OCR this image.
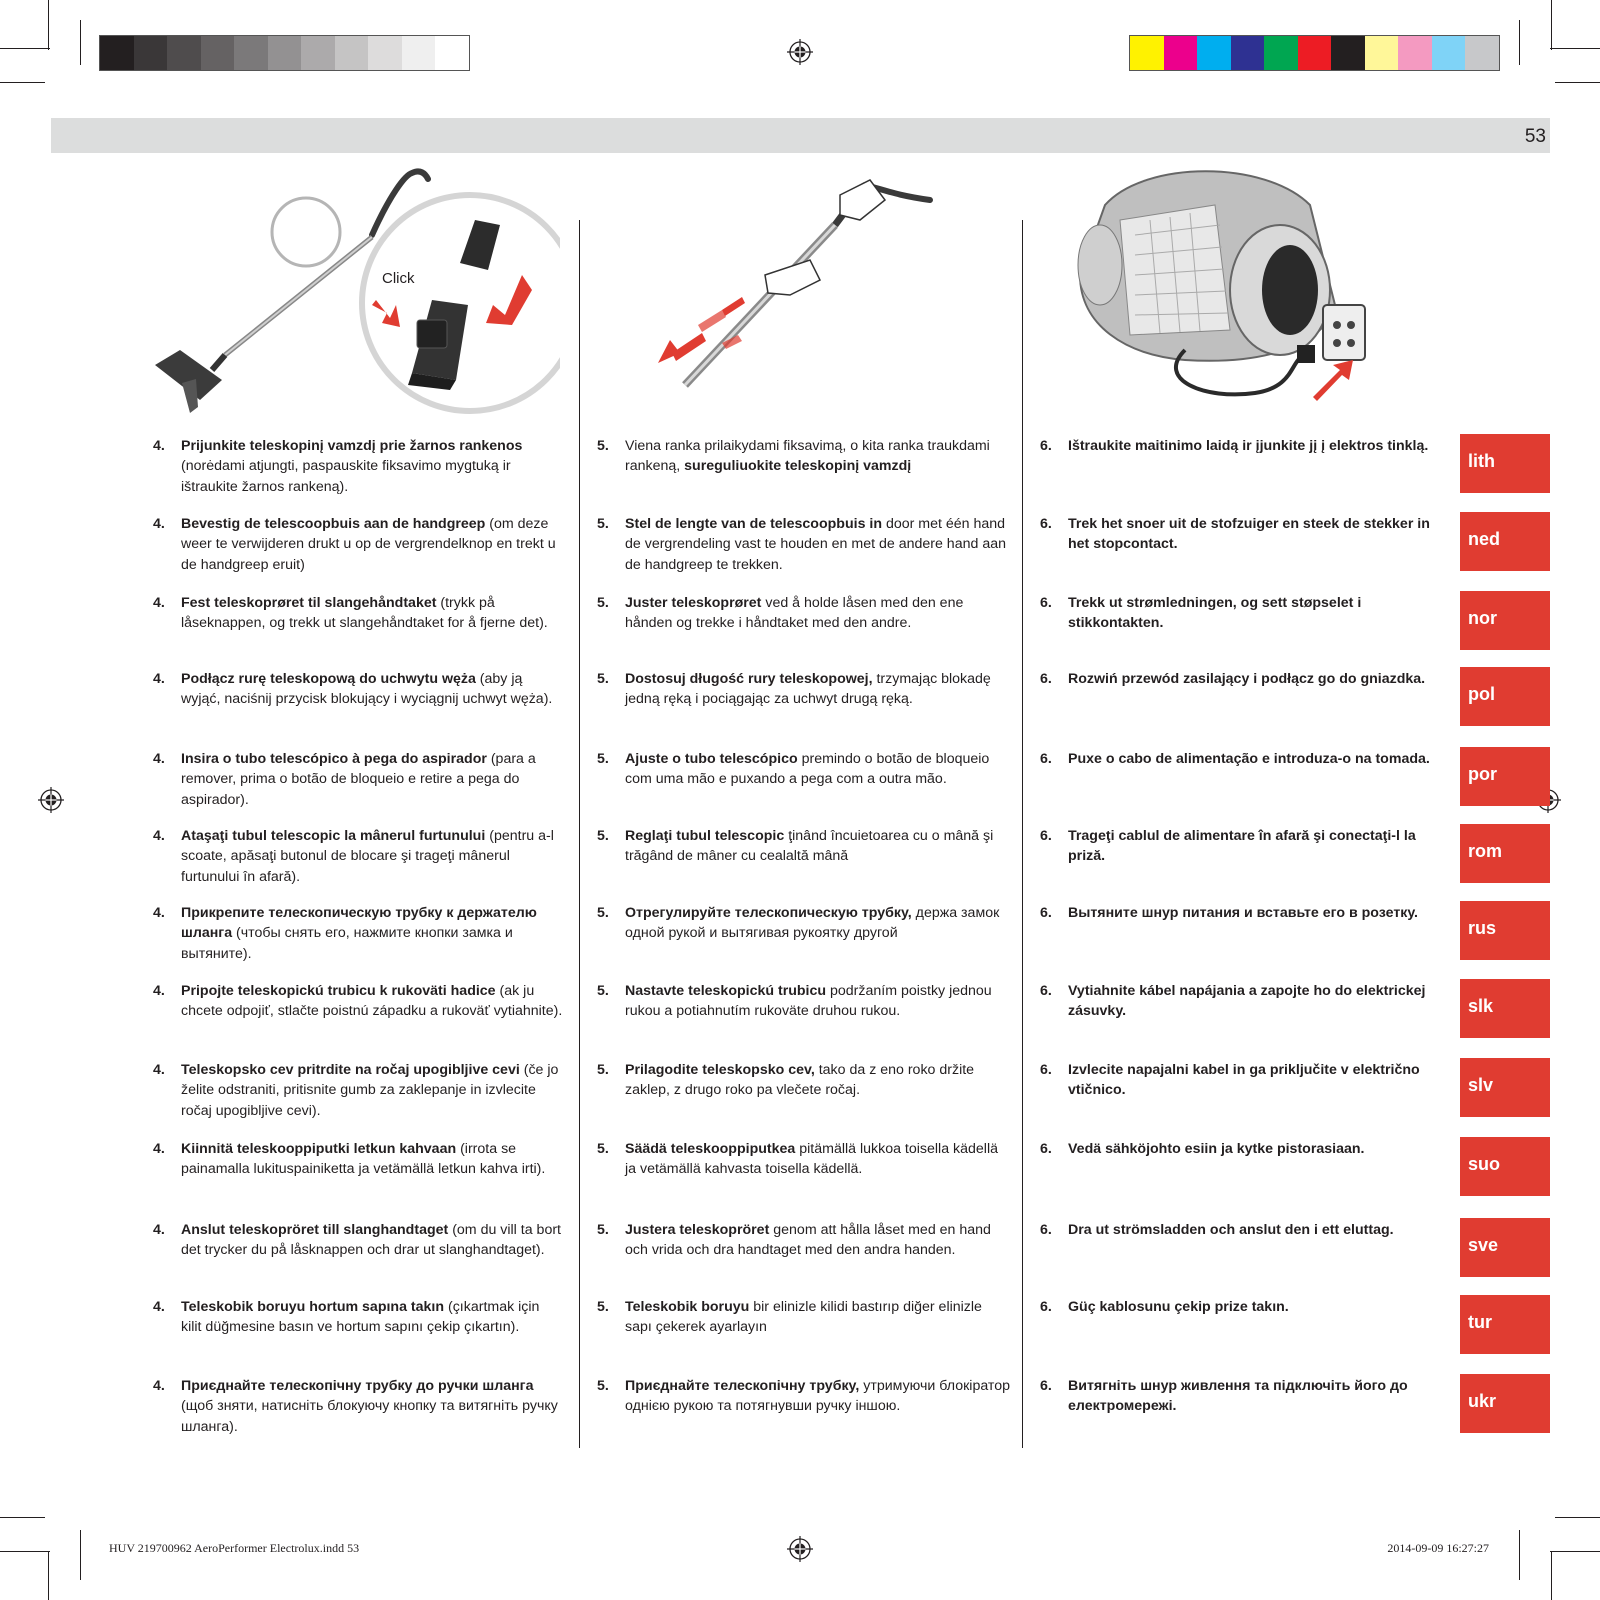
53
Click
4. Prijunkite teleskopinį vamzdį prie žarnos rankenos (norėdami atjungti, paspauskite fiksavimo mygtuką ir ištraukite žarnos rankeną).
5. Viena ranka prilaikydami fiksavimą, o kita ranka traukdami rankeną, sureguliuokite teleskopinį vamzdį
6. Ištraukite maitinimo laidą ir įjunkite jį į elektros tinklą.
lith
4. Bevestig de telescoopbuis aan de handgreep (om deze weer te verwijderen drukt u op de vergrendelknop en trekt u de handgreep eruit)
5. Stel de lengte van de telescoopbuis in door met één hand de vergrendeling vast te houden en met de andere hand aan de handgreep te trekken.
6. Trek het snoer uit de stofzuiger en steek de stekker in het stopcontact.	ned
4. Fest teleskoprøret til slangehåndtaket (trykk på låseknappen, og trekk ut slangehåndtaket for å fjerne det).
5. Juster teleskoprøret ved å holde låsen med den ene hånden og trekke i håndtaket med den andre.
6. Trekk ut strømledningen, og sett støpselet i stikkontakten.	nor
4. Podłącz rurę teleskopową do uchwytu węża (aby ją wyjąć, naciśnij przycisk blokujący i wyciągnij uchwyt węża).
5. Dostosuj długość rury teleskopowej, trzymając blokadę jedną ręką i pociągając za uchwyt drugą ręką.
6. Rozwiń przewód zasilający i podłącz go do gniazdka.
pol
4. Insira o tubo telescópico à pega do aspirador (para a remover, prima o botão de bloqueio e retire a pega do aspirador).
5. Ajuste o tubo telescópico premindo o botão de bloqueio com uma mão e puxando a pega com a outra mão.
6. Puxe o cabo de alimentação e introduza-o na tomada.
por
4. Ataşaţi tubul telescopic la mânerul furtunului (pentru a-l scoate, apăsaţi butonul de blocare şi trageţi mânerul furtunului în afară).
5. Reglaţi tubul telescopic ţinând încuietoarea cu o mână şi trăgând de mâner cu cealaltă mână
6. Trageţi cablul de alimentare în afară şi conectaţi-l la priză.	rom
4. Прикрепите телескопическую трубку к держателю шланга (чтобы снять его, нажмите кнопки замка и вытяните).
5. Отрегулируйте телескопическую трубку, держа замок одной рукой и вытягивая рукоятку другой
6. Вытяните шнур питания и вставьте его в розетку.
rus
4. Pripojte teleskopickú trubicu k rukoväti hadice (ak ju chcete odpojiť, stlačte poistnú západku a rukoväť vytiahnite).
5. Nastavte teleskopickú trubicu podržaním poistky jednou rukou a potiahnutím rukoväte druhou rukou.
6. Vytiahnite kábel napájania a zapojte ho do elektrickej zásuvky.	slk
4. Teleskopsko cev pritrdite na ročaj upogibljive cevi (če jo želite odstraniti, pritisnite gumb za zaklepanje in izvlecite ročaj upogibljive cevi).
5. Prilagodite teleskopsko cev, tako da z eno roko držite zaklep, z drugo roko pa vlečete ročaj.
6. Izvlecite napajalni kabel in ga priključite v električno vtičnico.	slv
4. Kiinnitä teleskooppiputki letkun kahvaan (irrota se painamalla lukituspainiketta ja vetämällä letkun kahva irti).
5. Säädä teleskooppiputkea pitämällä lukkoa toisella kädellä ja vetämällä kahvasta toisella kädellä.
6. Vedä sähköjohto esiin ja kytke pistorasiaan.
suo
4. Anslut teleskopröret till slanghandtaget (om du vill ta bort det trycker du på låsknappen och drar ut slanghandtaget).
5. Justera teleskopröret genom att hålla låset med en hand och vrida och dra handtaget med den andra handen.
6. Dra ut strömsladden och anslut den i ett eluttag.
sve
4. Teleskobik boruyu hortum sapına takın (çıkartmak için kilit düğmesine basın ve hortum sapını çekip çıkartın).
5. Teleskobik boruyu bir elinizle kilidi bastırıp diğer elinizle sapı çekerek ayarlayın
6. Güç kablosunu çekip prize takın.
tur
4. Приєднайте телескопічну трубку до ручки шланга (щоб зняти, натисніть блокуючу кнопку та витягніть ручку шланга).
5. Приєднайте телескопічну трубку, утримуючи блокіратор однією рукою та потягнувши ручку іншою.
6. Витягніть шнур живлення та підключіть його до електромережі.	ukr
HUV 219700962 AeroPerformer Electrolux.indd 53	2014-09-09 16:27:27
